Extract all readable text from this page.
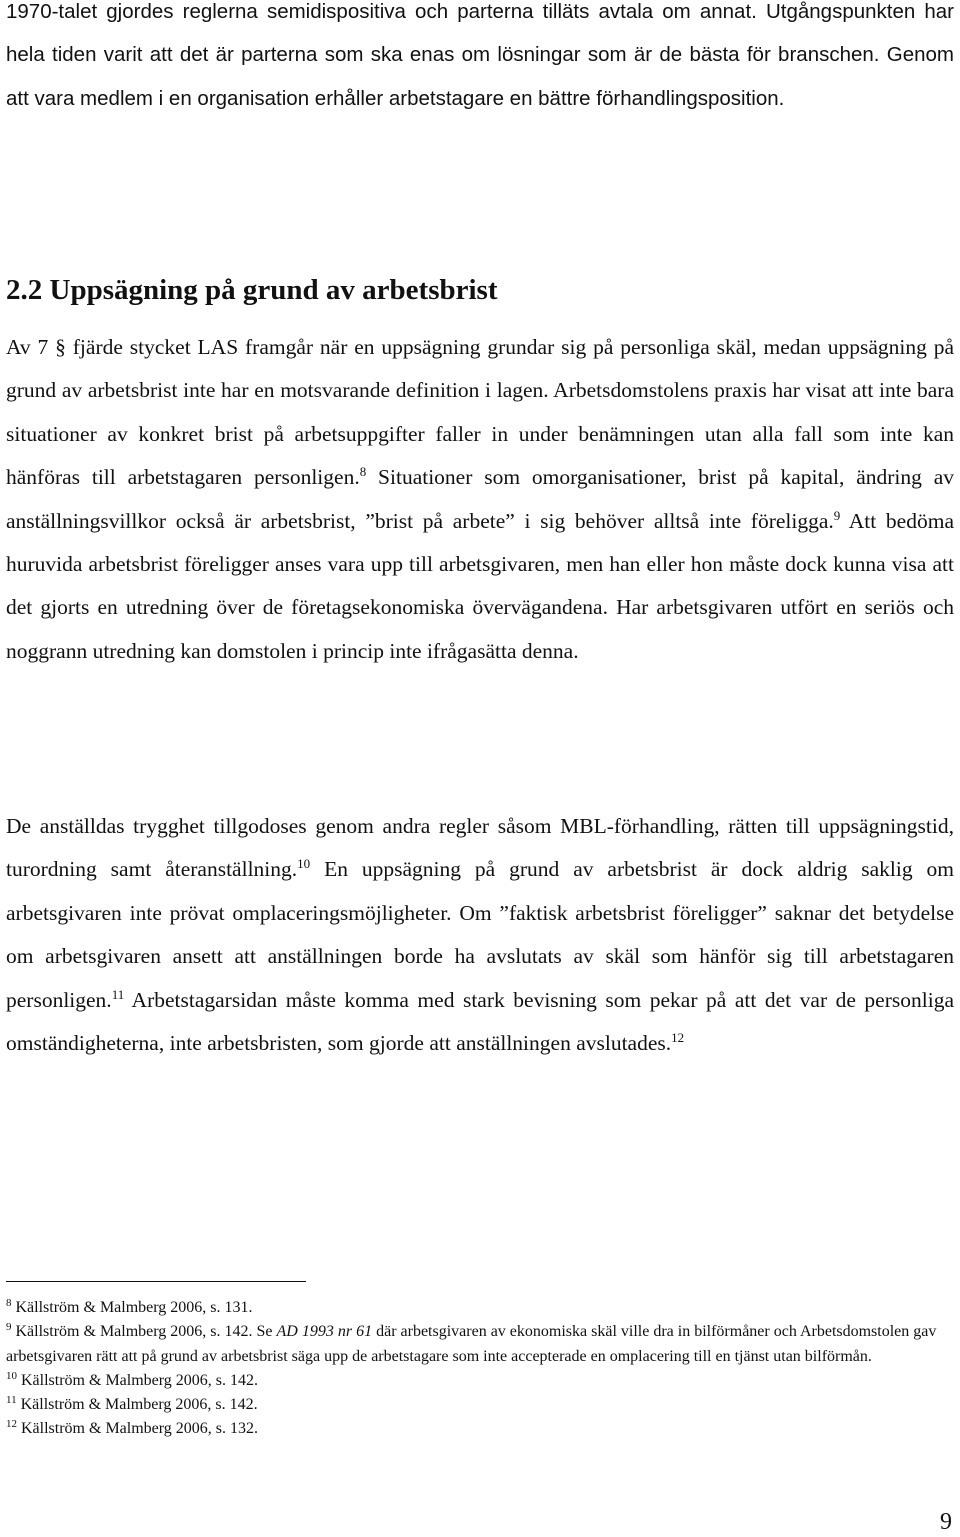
1970-talet gjordes reglerna semidispositiva och parterna tilläts avtala om annat. Utgångspunkten har hela tiden varit att det är parterna som ska enas om lösningar som är de bästa för branschen. Genom att vara medlem i en organisation erhåller arbetstagare en bättre förhandlingsposition.

2.2 Uppsägning på grund av arbetsbrist

Av 7 § fjärde stycket LAS framgår när en uppsägning grundar sig på personliga skäl, medan uppsägning på grund av arbetsbrist inte har en motsvarande definition i lagen. Arbetsdomstolens praxis har visat att inte bara situationer av konkret brist på arbetsuppgifter faller in under benämningen utan alla fall som inte kan hänföras till arbetstagaren personligen.$^8$ Situationer som omorganisationer, brist på kapital, ändring av anställningsvillkor också är arbetsbrist, ”brist på arbete” i sig behöver alltså inte föreligga.$^9$ Att bedöma huruvida arbetsbrist föreligger anses vara upp till arbetsgivaren, men han eller hon måste dock kunna visa att det gjorts en utredning över de företagsekonomiska övervägandena. Har arbetsgivaren utfört en seriös och noggrann utredning kan domstolen i princip inte ifrågasätta denna.

De anställdas trygghet tillgodoses genom andra regler såsom MBL-förhandling, rätten till uppsägningstid, turordning samt återanställning.$^{10}$ En uppsägning på grund av arbetsbrist är dock aldrig saklig om arbetsgivaren inte prövat omplaceringsmöjligheter. Om ”faktisk arbetsbrist föreligger” saknar det betydelse om arbetsgivaren ansett att anställningen borde ha avslutats av skäl som hänför sig till arbetstagaren personligen.$^{11}$ Arbetstagarsidan måste komma med stark bevisning som pekar på att det var de personliga omständigheterna, inte arbetsbristen, som gjorde att anställningen avslutades.$^{12}$

$^8$ Källström & Malmberg 2006, s. 131.

$^9$ Källström & Malmberg 2006, s. 142. Se AD 1993 nr 61 där arbetsgivaren av ekonomiska skäl ville dra in bilförmåner och Arbetsdomstolen gav arbetsgivaren rätt att på grund av arbetsbrist säga upp de arbetstagare som inte accepterade en omplacering till en tjänst utan bilförmån.

$^{10}$ Källström & Malmberg 2006, s. 142.

$^{11}$ Källström & Malmberg 2006, s. 142.

$^{12}$ Källström & Malmberg 2006, s. 132.

9
